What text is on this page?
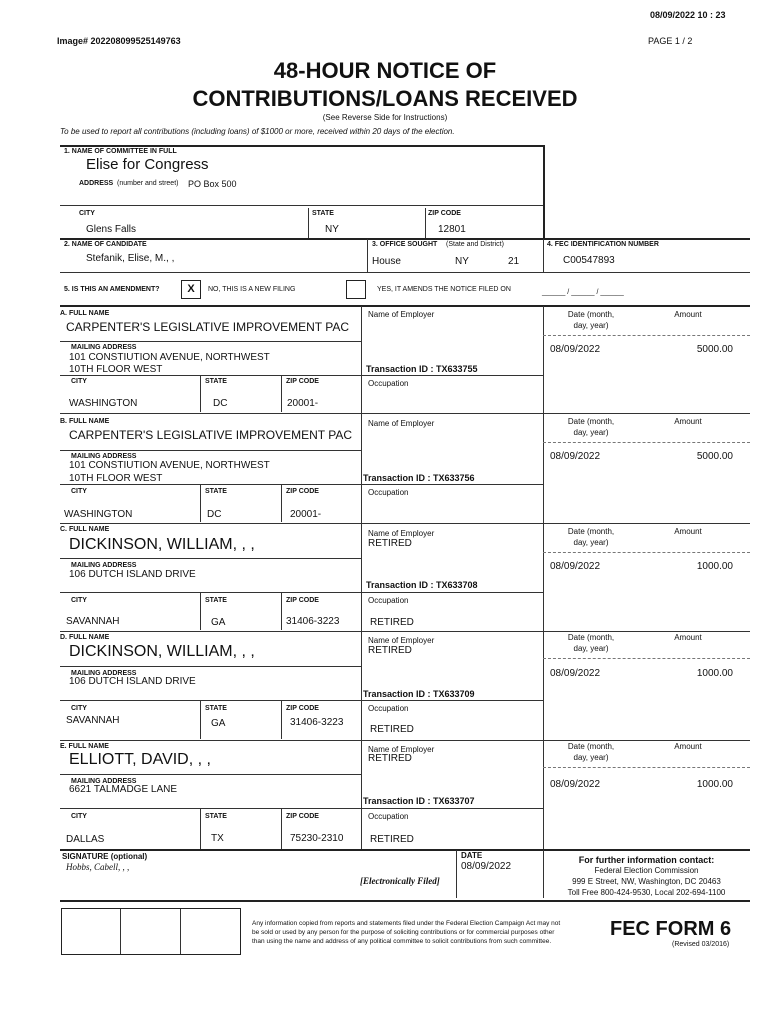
08/09/2022 10 : 23
Image# 202208099525149763	PAGE 1 / 2
48-HOUR NOTICE OF
CONTRIBUTIONS/LOANS RECEIVED
(See Reverse Side for Instructions)
To be used to report all contributions (including loans) of $1000 or more, received within 20 days of the election.
1. NAME OF COMMITTEE IN FULL
Elise for Congress
ADDRESS (number and street) PO Box 500
CITY	STATE	ZIP CODE
Glens Falls	NY	12801
2. NAME OF CANDIDATE
Stefanik, Elise, M., ,
3. OFFICE SOUGHT (State and District)
House	NY	21
4. FEC IDENTIFICATION NUMBER
C00547893
5. IS THIS AN AMENDMENT?	X	NO, THIS IS A NEW FILING	YES, IT AMENDS THE NOTICE FILED ON	______ / ______ / ______
A. FULL NAME
CARPENTER'S LEGISLATIVE IMPROVEMENT PAC
MAILING ADDRESS
101 CONSTIUTION AVENUE, NORTHWEST
10TH FLOOR WEST
CITY	STATE	ZIP CODE
WASHINGTON	DC	20001-
Name of Employer
Transaction ID : TX633755
Occupation
Date (month,
day, year)
Amount
08/09/2022	5000.00
B. FULL NAME
CARPENTER'S LEGISLATIVE IMPROVEMENT PAC
MAILING ADDRESS
101 CONSTIUTION AVENUE, NORTHWEST
10TH FLOOR WEST
CITY	STATE	ZIP CODE
WASHINGTON	DC	20001-
Name of Employer
Transaction ID : TX633756
Occupation
Date (month,
day, year)
Amount
08/09/2022	5000.00
C. FULL NAME
DICKINSON, WILLIAM, , ,
MAILING ADDRESS
106 DUTCH ISLAND DRIVE
CITY	STATE	ZIP CODE
SAVANNAH	GA	31406-3223
Name of Employer
RETIRED
Transaction ID : TX633708
Occupation
RETIRED
Date (month,
day, year)
Amount
08/09/2022	1000.00
D. FULL NAME
DICKINSON, WILLIAM, , ,
MAILING ADDRESS
106 DUTCH ISLAND DRIVE
CITY	STATE	ZIP CODE
SAVANNAH	GA	31406-3223
Name of Employer
RETIRED
Transaction ID : TX633709
Occupation
RETIRED
Date (month,
day, year)
Amount
08/09/2022	1000.00
E. FULL NAME
ELLIOTT, DAVID, , ,
MAILING ADDRESS
6621 TALMADGE LANE
CITY	STATE	ZIP CODE
DALLAS	TX	75230-2310
Name of Employer
RETIRED
Transaction ID : TX633707
Occupation
RETIRED
Date (month,
day, year)
Amount
08/09/2022	1000.00
SIGNATURE (optional)
Hobbs, Cabell, , ,
[Electronically Filed]
DATE
08/09/2022
For further information contact:
Federal Election Commission
999 E Street, NW, Washington, DC 20463
Toll Free 800-424-9530, Local 202-694-1100
Any information copied from reports and statements filed under the Federal Election Campaign Act may not
be sold or used by any person for the purpose of soliciting contributions or for commercial purposes other
than using the name and address of any political committee to solicit contributions from such committee.
FEC FORM 6
(Revised 03/2016)
